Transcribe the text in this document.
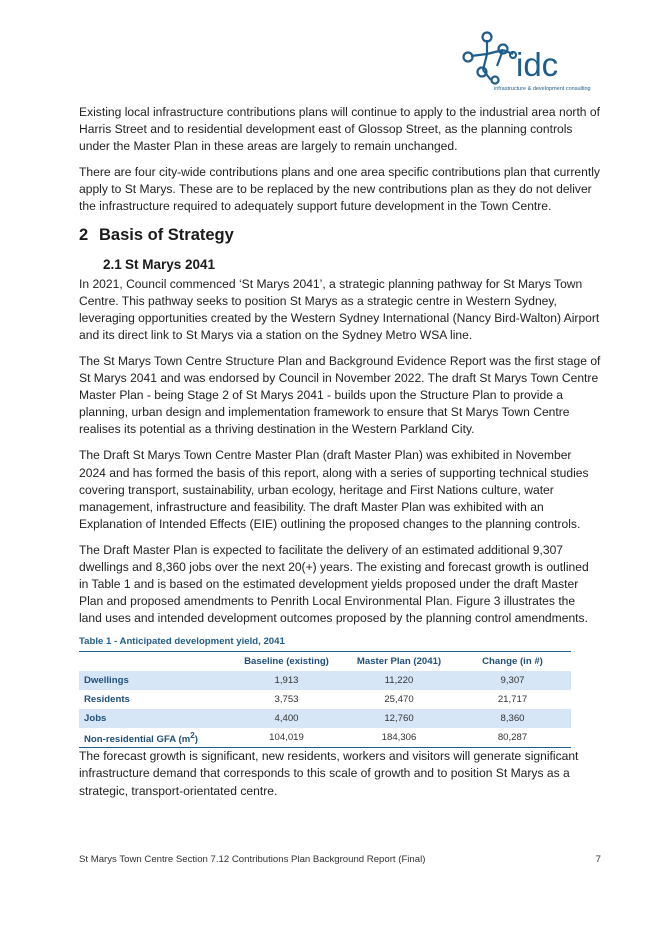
idc
infrastructure & development consulting

Existing local infrastructure contributions plans will continue to apply to the industrial area north of Harris Street and to residential development east of Glossop Street, as the planning controls under the Master Plan in these areas are largely to remain unchanged.

There are four city-wide contributions plans and one area specific contributions plan that currently apply to St Marys. These are to be replaced by the new contributions plan as they do not deliver the infrastructure required to adequately support future development in the Town Centre.

2 Basis of Strategy
2.1 St Marys 2041

In 2021, Council commenced ‘St Marys 2041’, a strategic planning pathway for St Marys Town Centre. This pathway seeks to position St Marys as a strategic centre in Western Sydney, leveraging opportunities created by the Western Sydney International (Nancy Bird-Walton) Airport and its direct link to St Marys via a station on the Sydney Metro WSA line.

The St Marys Town Centre Structure Plan and Background Evidence Report was the first stage of St Marys 2041 and was endorsed by Council in November 2022. The draft St Marys Town Centre Master Plan - being Stage 2 of St Marys 2041 - builds upon the Structure Plan to provide a planning, urban design and implementation framework to ensure that St Marys Town Centre realises its potential as a thriving destination in the Western Parkland City.

The Draft St Marys Town Centre Master Plan (draft Master Plan) was exhibited in November 2024 and has formed the basis of this report, along with a series of supporting technical studies covering transport, sustainability, urban ecology, heritage and First Nations culture, water management, infrastructure and feasibility. The draft Master Plan was exhibited with an Explanation of Intended Effects (EIE) outlining the proposed changes to the planning controls.

The Draft Master Plan is expected to facilitate the delivery of an estimated additional 9,307 dwellings and 8,360 jobs over the next 20(+) years. The existing and forecast growth is outlined in Table 1 and is based on the estimated development yields proposed under the draft Master Plan and proposed amendments to Penrith Local Environmental Plan. Figure 3 illustrates the land uses and intended development outcomes proposed by the planning control amendments.

Table 1 - Anticipated development yield, 2041
	Baseline (existing)	Master Plan (2041)	Change (in #)
Dwellings	1,913	11,220	9,307
Residents	3,753	25,470	21,717
Jobs	4,400	12,760	8,360
Non-residential GFA $(m^2)$	104,019	184,306	80,287

The forecast growth is significant, new residents, workers and visitors will generate significant infrastructure demand that corresponds to this scale of growth and to position St Marys as a strategic, transport-orientated centre.

St Marys Town Centre Section 7.12 Contributions Plan Background Report (Final)	7
